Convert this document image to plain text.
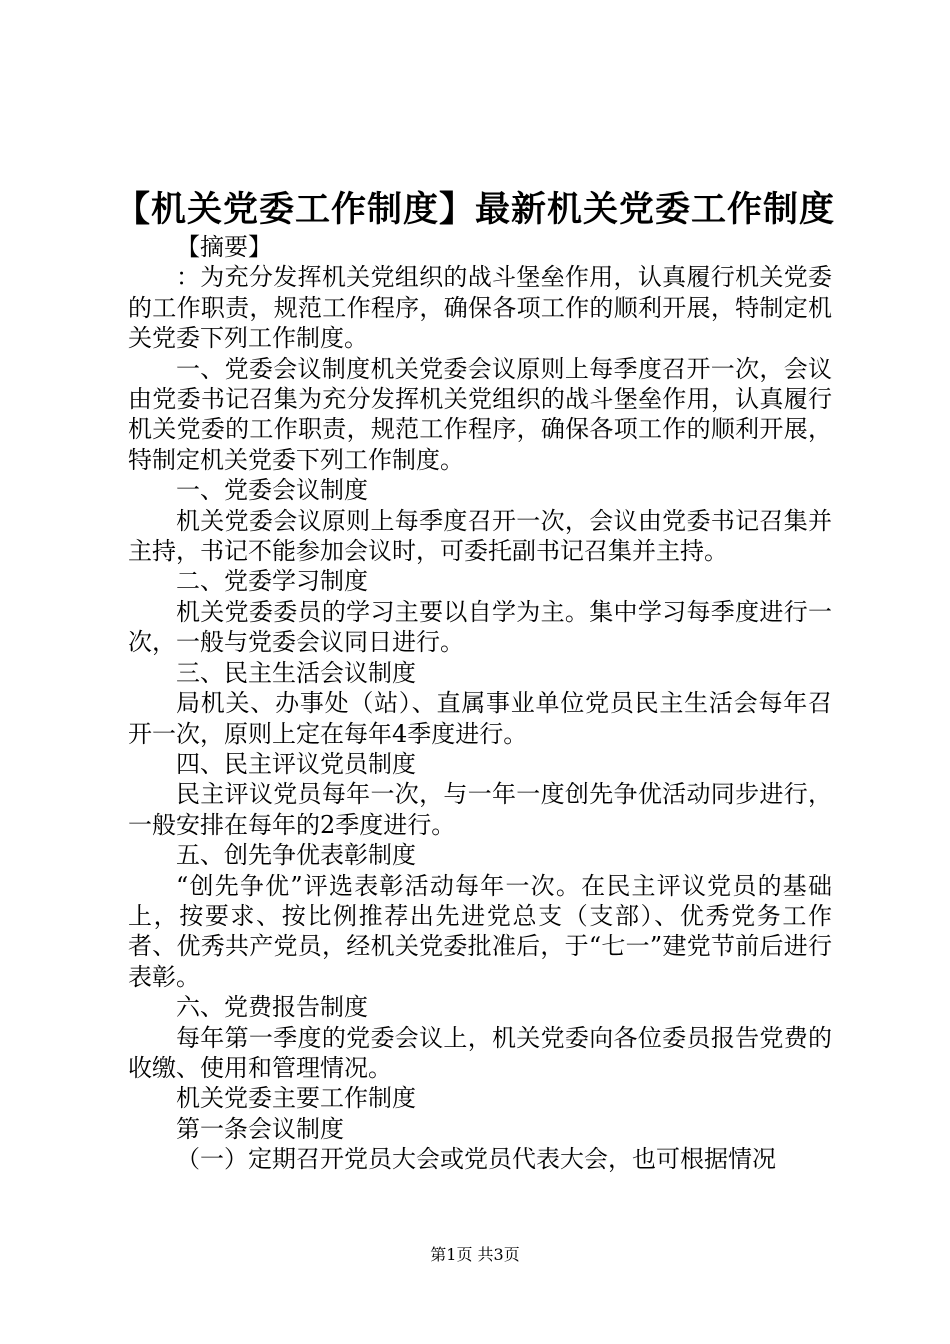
【机关党委工作制度】最新机关党委工作制度

【摘要】

：为充分发挥机关党组织的战斗堡垒作用，认真履行机关党委的工作职责，规范工作程序，确保各项工作的顺利开展，特制定机关党委下列工作制度。

一、党委会议制度机关党委会议原则上每季度召开一次，会议由党委书记召集为充分发挥机关党组织的战斗堡垒作用，认真履行机关党委的工作职责，规范工作程序，确保各项工作的顺利开展，特制定机关党委下列工作制度。

一、党委会议制度

机关党委会议原则上每季度召开一次，会议由党委书记召集并主持，书记不能参加会议时，可委托副书记召集并主持。

二、党委学习制度

机关党委委员的学习主要以自学为主。集中学习每季度进行一次，一般与党委会议同日进行。

三、民主生活会议制度

局机关、办事处（站）、直属事业单位党员民主生活会每年召开一次，原则上定在每年4季度进行。

四、民主评议党员制度

民主评议党员每年一次，与一年一度创先争优活动同步进行，一般安排在每年的2季度进行。

五、创先争优表彰制度

“创先争优”评选表彰活动每年一次。在民主评议党员的基础上，按要求、按比例推荐出先进党总支（支部）、优秀党务工作者、优秀共产党员，经机关党委批准后，于“七一”建党节前后进行表彰。

六、党费报告制度

每年第一季度的党委会议上，机关党委向各位委员报告党费的收缴、使用和管理情况。

机关党委主要工作制度

第一条会议制度

（一）定期召开党员大会或党员代表大会，也可根据情况

第1页 共3页
